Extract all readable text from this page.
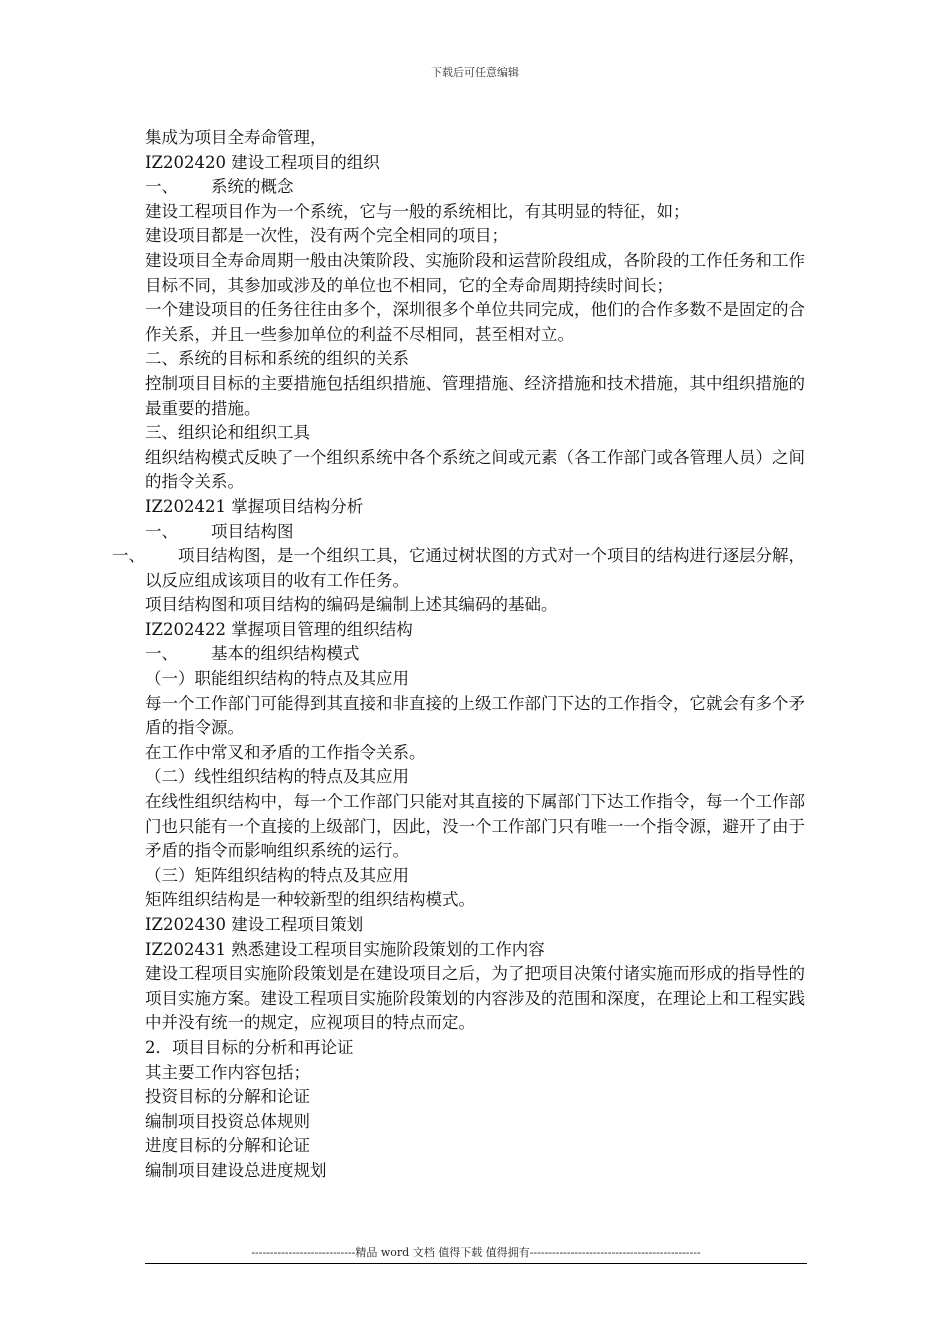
下载后可任意编辑

集成为项目全寿命管理，

IZ202420 建设工程项目的组织

一、	系统的概念

建设工程项目作为一个系统，它与一般的系统相比，有其明显的特征，如；

建设项目都是一次性，没有两个完全相同的项目；

建设项目全寿命周期一般由决策阶段、实施阶段和运营阶段组成，各阶段的工作任务和工作目标不同，其参加或涉及的单位也不相同，它的全寿命周期持续时间长；

一个建设项目的任务往往由多个，深圳很多个单位共同完成，他们的合作多数不是固定的合作关系，并且一些参加单位的利益不尽相同，甚至相对立。

二、系统的目标和系统的组织的关系

控制项目目标的主要措施包括组织措施、管理措施、经济措施和技术措施，其中组织措施的最重要的措施。

三、组织论和组织工具

组织结构模式反映了一个组织系统中各个系统之间或元素（各工作部门或各管理人员）之间的指令关系。

IZ202421 掌握项目结构分析

一、	项目结构图

一、 项目结构图，是一个组织工具，它通过树状图的方式对一个项目的结构进行逐层分解，以反应组成该项目的收有工作任务。

项目结构图和项目结构的编码是编制上述其编码的基础。

IZ202422 掌握项目管理的组织结构

一、	基本的组织结构模式

（一）职能组织结构的特点及其应用

每一个工作部门可能得到其直接和非直接的上级工作部门下达的工作指令，它就会有多个矛盾的指令源。

在工作中常叉和矛盾的工作指令关系。

（二）线性组织结构的特点及其应用

在线性组织结构中，每一个工作部门只能对其直接的下属部门下达工作指令，每一个工作部门也只能有一个直接的上级部门，因此，没一个工作部门只有唯一一个指令源，避开了由于矛盾的指令而影响组织系统的运行。

（三）矩阵组织结构的特点及其应用

矩阵组织结构是一种较新型的组织结构模式。

IZ202430 建设工程项目策划

IZ202431 熟悉建设工程项目实施阶段策划的工作内容

建设工程项目实施阶段策划是在建设项目之后，为了把项目决策付诸实施而形成的指导性的项目实施方案。建设工程项目实施阶段策划的内容涉及的范围和深度，在理论上和工程实践中并没有统一的规定，应视项目的特点而定。

2．项目目标的分析和再论证

其主要工作内容包括；

投资目标的分解和论证

编制项目投资总体规则

进度目标的分解和论证

编制项目建设总进度规划

----------------------------精品 word 文档 值得下载 值得拥有----------------------------------------------
